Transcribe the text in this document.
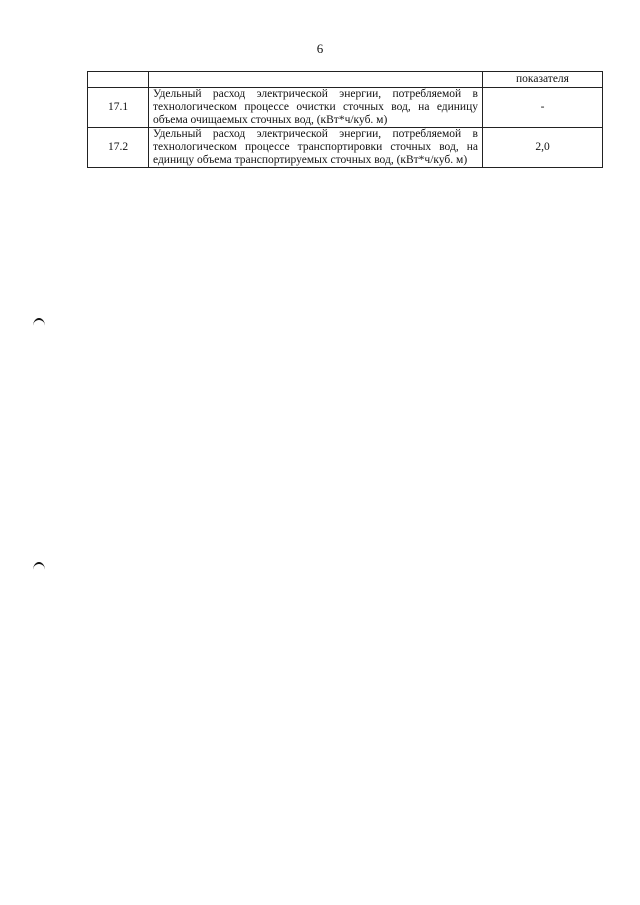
6
		показателя
17.1	Удельный расход электрической энергии, потребляемой в технологическом процессе очистки сточных вод, на единицу объема очищаемых сточных вод, (кВт*ч/куб. м)	-
17.2	Удельный расход электрической энергии, потребляемой в технологическом процессе транспортировки сточных вод, на единицу объема транспортируемых сточных вод, (кВт*ч/куб. м)	2,0
